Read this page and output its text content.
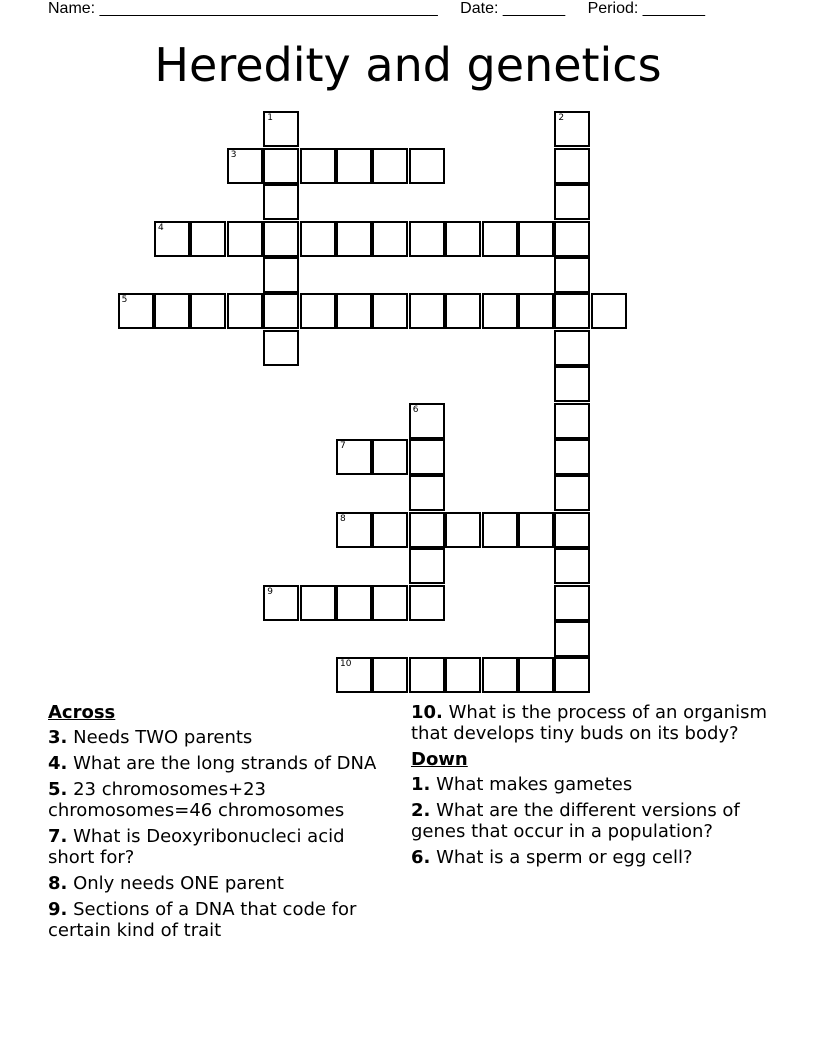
Name: ______________________________________ Date: _______ Period: _______
Heredity and genetics
1	2
3
4
5
6
7
8
9
10
Across
3. Needs TWO parents
4. What are the long strands of DNA
5. 23 chromosomes+23 chromosomes=46 chromosomes
7. What is Deoxyribonucleci acid short for?
8. Only needs ONE parent
9. Sections of a DNA that code for certain kind of trait
10. What is the process of an organism that develops tiny buds on its body?
Down
1. What makes gametes
2. What are the different versions of genes that occur in a population?
6. What is a sperm or egg cell?
